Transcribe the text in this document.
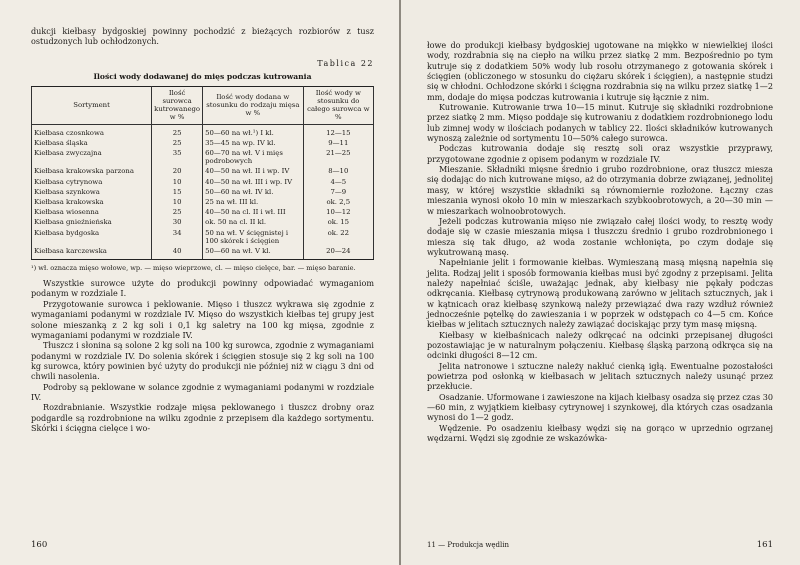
dukcji kiełbasy bydgoskiej powinny pochodzić z bieżących rozbiorów z tusz ostudzonych lub ochłodzonych.

Tablica 22
Ilości wody dodawanej do mięs podczas kutrowania
Sortyment	Ilość surowca kutrowanego w %	Ilość wody dodana w stosunku do rodzaju mięsa w %	Ilość wody w stosunku do całego surowca w %
Kiełbasa czosnkowa	25	50—60 na wł.¹) I kl.	12—15
Kiełbasa śląska	25	35—45 na wp. IV kl.	9—11
Kiełbasa zwyczajna	35	60—70 na wł. V i mięs podrobowych	21—25
Kiełbasa krakowska parzona	20	40—50 na wł. II i wp. IV	8—10
Kiełbasa cytrynowa	10	40—50 na wł. III i wp. IV	4—5
Kiełbasa szynkowa	15	50—60 na wł. IV kl.	7—9
Kiełbasa krakowska	10	25 na wł. III kl.	ok. 2,5
Kiełbasa wiosenna	25	40—50 na cl. II i wł. III	10—12
Kiełbasa gnieźnieńska	30	ok. 50 na cl. II kl.	ok. 15
Kiełbasa bydgoska	34	50 na wł. V ścięgnistej i 100 skórek i ścięgien	ok. 22
Kiełbasa karczewska	40	50—60 na wł. V kl.	20—24
¹) wł. oznacza mięso wołowe, wp. — mięso wieprzowe, cl. — mięso cielęce, bar. — mięso baranie.

Wszystkie surowce użyte do produkcji powinny odpowiadać wymaganiom podanym w rozdziale I.

Przygotowanie surowca i peklowanie. Mięso i tłuszcz wykrawa się zgodnie z wymaganiami podanymi w rozdziale IV. Mięso do wszystkich kiełbas tej grupy jest solone mieszanką z 2 kg soli i 0,1 kg saletry na 100 kg mięsa, zgodnie z wymaganiami podanymi w rozdziale IV.

Tłuszcz i słonina są solone 2 kg soli na 100 kg surowca, zgodnie z wymaganiami podanymi w rozdziale IV. Do solenia skórek i ścięgien stosuje się 2 kg soli na 100 kg surowca, który powinien być użyty do produkcji nie później niż w ciągu 3 dni od chwili nasolenia.

Podroby są peklowane w solance zgodnie z wymaganiami podanymi w rozdziale IV.

Rozdrabnianie. Wszystkie rodzaje mięsa peklowanego i tłuszcz drobny oraz podgardle są rozdrobnione na wilku zgodnie z przepisem dla każdego sortymentu. Skórki i ścięgna cielęce i wo-

160

łowe do produkcji kiełbasy bydgoskiej ugotowane na miękko w niewielkiej ilości wody, rozdrabnia się na ciepło na wilku przez siatkę 2 mm. Bezpośrednio po tym kutruje się z dodatkiem 50% wody lub rosołu otrzymanego z gotowania skórek i ścięgien (obliczonego w stosunku do ciężaru skórek i ścięgien), a następnie studzi się w chłodni. Ochłodzone skórki i ścięgna rozdrabnia się na wilku przez siatkę 1—2 mm, dodaje do mięsa podczas kutrowania i kutruje się łącznie z nim.

Kutrowanie. Kutrowanie trwa 10—15 minut. Kutruje się składniki rozdrobnione przez siatkę 2 mm. Mięso poddaje się kutrowaniu z dodatkiem rozdrobnionego lodu lub zimnej wody w ilościach podanych w tablicy 22. Ilości składników kutrowanych wynoszą zależnie od sortymentu 10—50% całego surowca.

Podczas kutrowania dodaje się resztę soli oraz wszystkie przyprawy, przygotowane zgodnie z opisem podanym w rozdziale IV.

Mieszanie. Składniki mięsne średnio i grubo rozdrobnione, oraz tłuszcz miesza się dodając do nich kutrowane mięso, aż do otrzymania dobrze związanej, jednolitej masy, w której wszystkie składniki są równomiernie rozłożone. Łączny czas mieszania wynosi około 10 min w mieszarkach szybkoobrotowych, a 20—30 min — w mieszarkach wolnoobrotowych.

Jeżeli podczas kutrowania mięso nie związało całej ilości wody, to resztę wody dodaje się w czasie mieszania mięsa i tłuszczu średnio i grubo rozdrobnionego i miesza się tak długo, aż woda zostanie wchłonięta, po czym dodaje się wykutrowaną masę.

Napełnianie jelit i formowanie kiełbas. Wymieszaną masą mięsną napełnia się jelita. Rodzaj jelit i sposób formowania kiełbas musi być zgodny z przepisami. Jelita należy napełniać ściśle, uważając jednak, aby kiełbasy nie pękały podczas odkręcania. Kiełbasę cytrynową produkowaną zarówno w jelitach sztucznych, jak i w kątnicach oraz kiełbasę szynkową należy przewiązać dwa razy wzdłuż również jednocześnie pętelkę do zawieszania i w poprzek w odstępach co 4—5 cm. Końce kiełbas w jelitach sztucznych należy zawiązać dociskając przy tym masę mięsną.

Kiełbasy w kiełbaśnicach należy odkręcać na odcinki przepisanej długości pozostawiając je w naturalnym połączeniu. Kiełbasę śląską parzoną odkręca się na odcinki długości 8—12 cm.

Jelita natronowe i sztuczne należy nakłuć cienką igłą. Ewentualne pozostałości powietrza pod osłonką w kiełbasach w jelitach sztucznych należy usunąć przez przekłucie.

Osadzanie. Uformowane i zawieszone na kijach kiełbasy osadza się przez czas 30—60 min, z wyjątkiem kiełbasy cytrynowej i szynkowej, dla których czas osadzania wynosi do 1—2 godz.

Wędzenie. Po osadzeniu kiełbasy wędzi się na gorąco w uprzednio ogrzanej wędzarni. Wędzi się zgodnie ze wskazówka-

11 — Produkcja wędlin	161
